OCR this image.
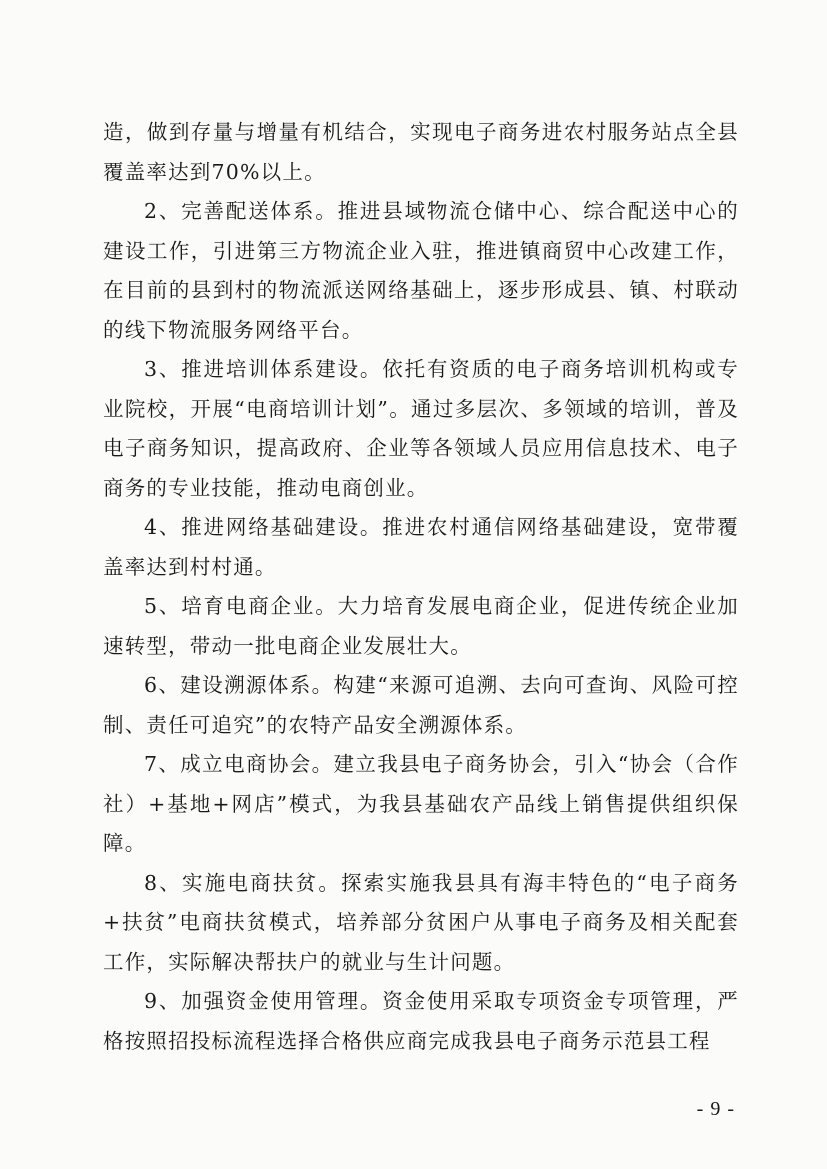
造，做到存量与增量有机结合，实现电子商务进农村服务站点全县覆盖率达到70%以上。

2、完善配送体系。推进县域物流仓储中心、综合配送中心的建设工作，引进第三方物流企业入驻，推进镇商贸中心改建工作，在目前的县到村的物流派送网络基础上，逐步形成县、镇、村联动的线下物流服务网络平台。

3、推进培训体系建设。依托有资质的电子商务培训机构或专业院校，开展“电商培训计划”。通过多层次、多领域的培训，普及电子商务知识，提高政府、企业等各领域人员应用信息技术、电子商务的专业技能，推动电商创业。

4、推进网络基础建设。推进农村通信网络基础建设，宽带覆盖率达到村村通。

5、培育电商企业。大力培育发展电商企业，促进传统企业加速转型，带动一批电商企业发展壮大。

6、建设溯源体系。构建“来源可追溯、去向可查询、风险可控制、责任可追究”的农特产品安全溯源体系。

7、成立电商协会。建立我县电子商务协会，引入“协会（合作社）+基地+网店”模式，为我县基础农产品线上销售提供组织保障。

8、实施电商扶贫。探索实施我县具有海丰特色的“电子商务+扶贫”电商扶贫模式，培养部分贫困户从事电子商务及相关配套工作，实际解决帮扶户的就业与生计问题。

9、加强资金使用管理。资金使用采取专项资金专项管理，严格按照招投标流程选择合格供应商完成我县电子商务示范县工程

- 9 -
